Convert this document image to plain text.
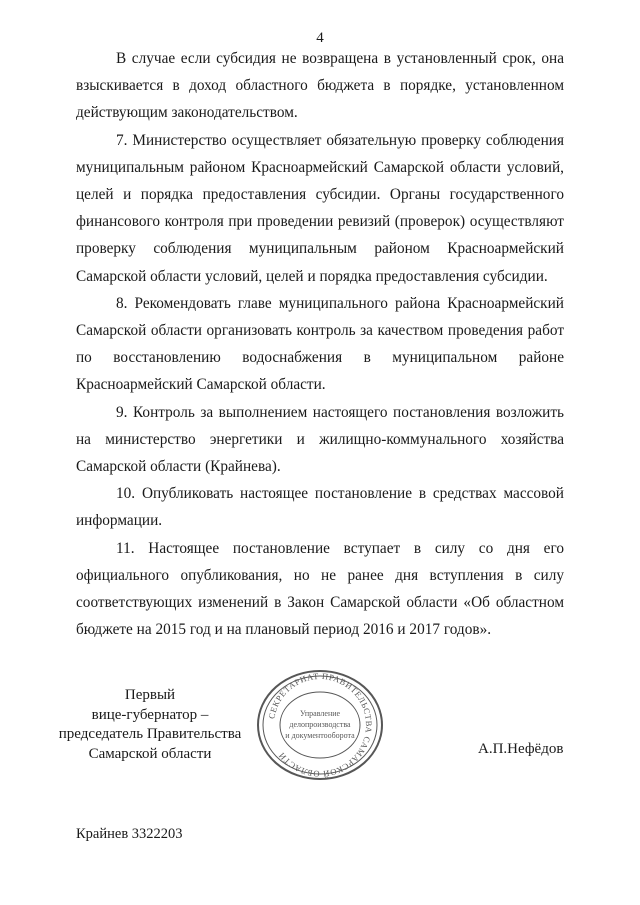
4

В случае если субсидия не возвращена в установленный срок, она взыскивается в доход областного бюджета в порядке, установленном действующим законодательством.

7. Министерство осуществляет обязательную проверку соблюдения муниципальным районом Красноармейский Самарской области условий, целей и порядка предоставления субсидии. Органы государственного финансового контроля при проведении ревизий (проверок) осуществляют проверку соблюдения муниципальным районом Красноармейский Самарской области условий, целей и порядка предоставления субсидии.

8. Рекомендовать главе муниципального района Красноармейский Самарской области организовать контроль за качеством проведения работ по восстановлению водоснабжения в муниципальном районе Красноармейский Самарской области.

9. Контроль за выполнением настоящего постановления возложить на министерство энергетики и жилищно-коммунального хозяйства Самарской области (Крайнева).

10. Опубликовать настоящее постановление в средствах массовой информации.

11. Настоящее постановление вступает в силу со дня его официального опубликования, но не ранее дня вступления в силу соответствующих изменений в Закон Самарской области «Об областном бюджете на 2015 год и на плановый период 2016 и 2017 годов».

Первый
вице-губернатор –
председатель Правительства
Самарской области
СЕКРЕТАРИАТ ПРАВИТЕЛЬСТВА САМАРСКОЙ ОБЛАСТИ
Управление
делопроизводства
и документооборота
А.П.Нефёдов
Крайнев 3322203
